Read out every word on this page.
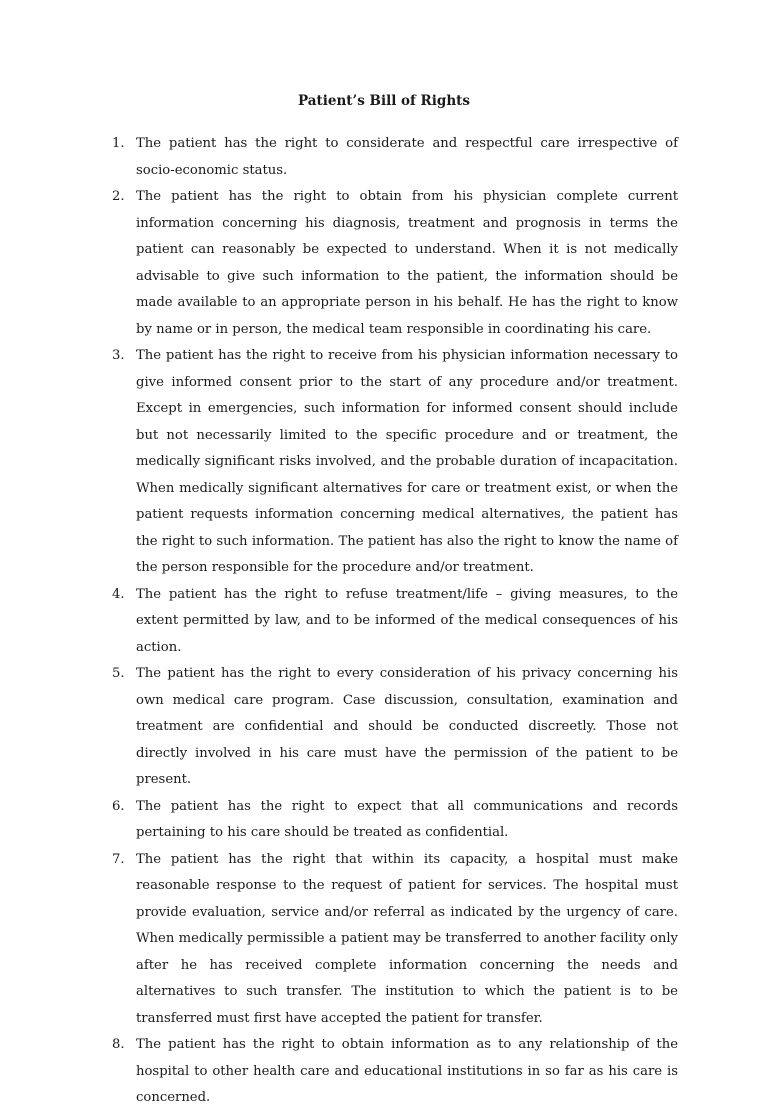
Patient’s Bill of Rights
1. The patient has the right to considerate and respectful care irrespective of socio-economic status.
2. The patient has the right to obtain from his physician complete current information concerning his diagnosis, treatment and prognosis in terms the patient can reasonably be expected to understand. When it is not medically advisable to give such information to the patient, the information should be made available to an appropriate person in his behalf. He has the right to know by name or in person, the medical team responsible in coordinating his care.
3. The patient has the right to receive from his physician information necessary to give informed consent prior to the start of any procedure and/or treatment. Except in emergencies, such information for informed consent should include but not necessarily limited to the specific procedure and or treatment, the medically significant risks involved, and the probable duration of incapacitation. When medically significant alternatives for care or treatment exist, or when the patient requests information concerning medical alternatives, the patient has the right to such information. The patient has also the right to know the name of the person responsible for the procedure and/or treatment.
4. The patient has the right to refuse treatment/life – giving measures, to the extent permitted by law, and to be informed of the medical consequences of his action.
5. The patient has the right to every consideration of his privacy concerning his own medical care program. Case discussion, consultation, examination and treatment are confidential and should be conducted discreetly. Those not directly involved in his care must have the permission of the patient to be present.
6. The patient has the right to expect that all communications and records pertaining to his care should be treated as confidential.
7. The patient has the right that within its capacity, a hospital must make reasonable response to the request of patient for services. The hospital must provide evaluation, service and/or referral as indicated by the urgency of care. When medically permissible a patient may be transferred to another facility only after he has received complete information concerning the needs and alternatives to such transfer. The institution to which the patient is to be transferred must first have accepted the patient for transfer.
8. The patient has the right to obtain information as to any relationship of the hospital to other health care and educational institutions in so far as his care is concerned.
